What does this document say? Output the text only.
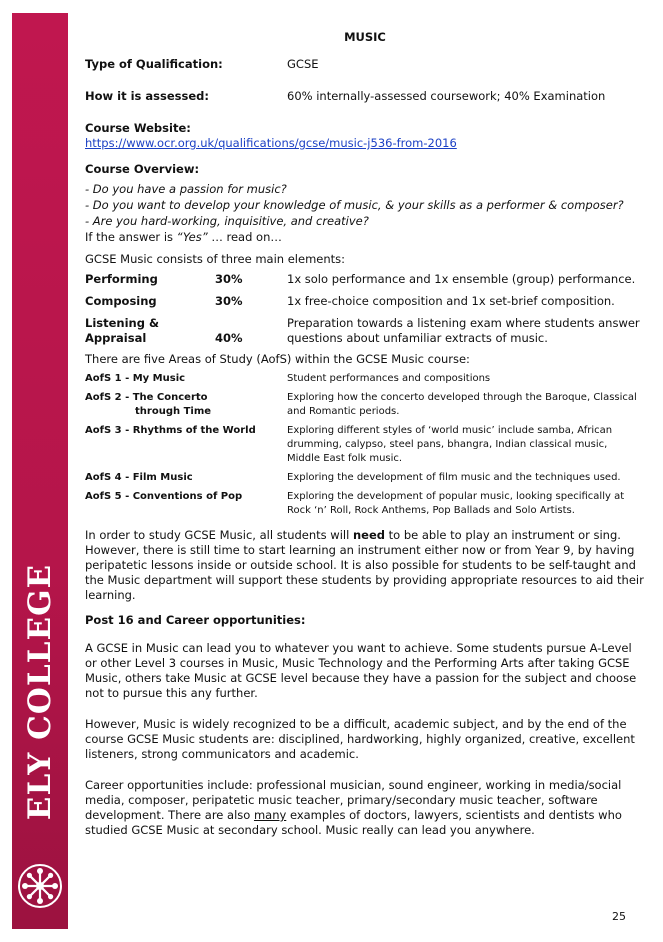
ELY COLLEGE
MUSIC
Type of Qualification:	GCSE
How it is assessed:	60% internally-assessed coursework; 40% Examination
Course Website:
https://www.ocr.org.uk/qualifications/gcse/music-j536-from-2016
Course Overview:
- Do you have a passion for music?
- Do you want to develop your knowledge of music, & your skills as a performer & composer?
- Are you hard-working, inquisitive, and creative?
If the answer is “Yes” … read on…
GCSE Music consists of three main elements:
Performing	30%	1x solo performance and 1x ensemble (group) performance.
Composing	30%	1x free-choice composition and 1x set-brief composition.
Listening &
Appraisal	40%	Preparation towards a listening exam where students answer questions about unfamiliar extracts of music.
There are five Areas of Study (AofS) within the GCSE Music course:
AofS 1 - My Music	Student performances and compositions
AofS 2 - The Concerto
through Time	Exploring how the concerto developed through the Baroque, Classical and Romantic periods.
AofS 3 - Rhythms of the World	Exploring different styles of ‘world music’ include samba, African drumming, calypso, steel pans, bhangra, Indian classical music, Middle East folk music.
AofS 4 - Film Music	Exploring the development of film music and the techniques used.
AofS 5 - Conventions of Pop	Exploring the development of popular music, looking specifically at Rock ‘n’ Roll, Rock Anthems, Pop Ballads and Solo Artists.

In order to study GCSE Music, all students will need to be able to play an instrument or sing. However, there is still time to start learning an instrument either now or from Year 9, by having peripatetic lessons inside or outside school. It is also possible for students to be self-taught and the Music department will support these students by providing appropriate resources to aid their learning.

Post 16 and Career opportunities:

A GCSE in Music can lead you to whatever you want to achieve. Some students pursue A-Level or other Level 3 courses in Music, Music Technology and the Performing Arts after taking GCSE Music, others take Music at GCSE level because they have a passion for the subject and choose not to pursue this any further.

However, Music is widely recognized to be a difficult, academic subject, and by the end of the course GCSE Music students are: disciplined, hardworking, highly organized, creative, excellent listeners, strong communicators and academic.

Career opportunities include: professional musician, sound engineer, working in media/social media, composer, peripatetic music teacher, primary/secondary music teacher, software development. There are also many examples of doctors, lawyers, scientists and dentists who studied GCSE Music at secondary school. Music really can lead you anywhere.

25
